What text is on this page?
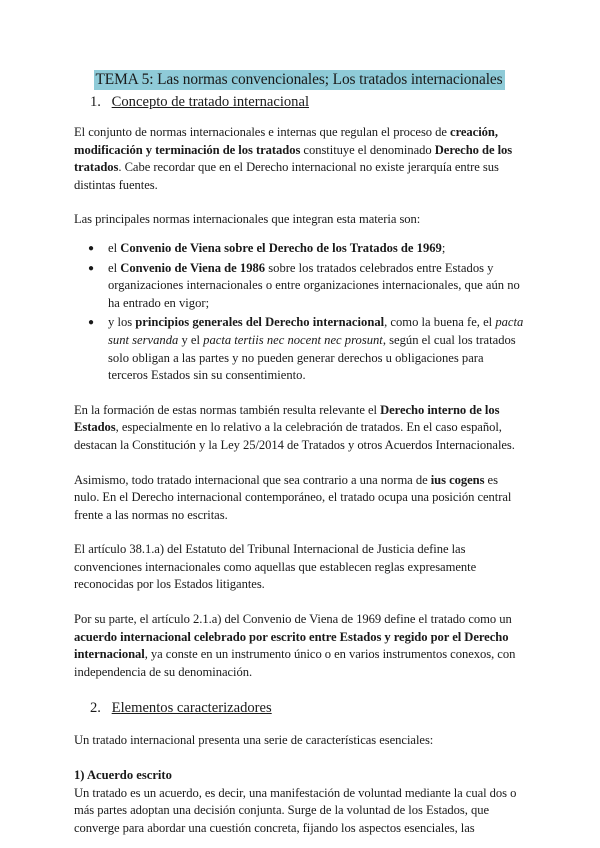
TEMA 5: Las normas convencionales; Los tratados internacionales
1. Concepto de tratado internacional

El conjunto de normas internacionales e internas que regulan el proceso de creación, modificación y terminación de los tratados constituye el denominado Derecho de los tratados. Cabe recordar que en el Derecho internacional no existe jerarquía entre sus distintas fuentes.

Las principales normas internacionales que integran esta materia son:

● el Convenio de Viena sobre el Derecho de los Tratados de 1969;
● el Convenio de Viena de 1986 sobre los tratados celebrados entre Estados y organizaciones internacionales o entre organizaciones internacionales, que aún no ha entrado en vigor;
● y los principios generales del Derecho internacional, como la buena fe, el pacta sunt servanda y el pacta tertiis nec nocent nec prosunt, según el cual los tratados solo obligan a las partes y no pueden generar derechos u obligaciones para terceros Estados sin su consentimiento.

En la formación de estas normas también resulta relevante el Derecho interno de los Estados, especialmente en lo relativo a la celebración de tratados. En el caso español, destacan la Constitución y la Ley 25/2014 de Tratados y otros Acuerdos Internacionales.

Asimismo, todo tratado internacional que sea contrario a una norma de ius cogens es nulo. En el Derecho internacional contemporáneo, el tratado ocupa una posición central frente a las normas no escritas.

El artículo 38.1.a) del Estatuto del Tribunal Internacional de Justicia define las convenciones internacionales como aquellas que establecen reglas expresamente reconocidas por los Estados litigantes.

Por su parte, el artículo 2.1.a) del Convenio de Viena de 1969 define el tratado como un acuerdo internacional celebrado por escrito entre Estados y regido por el Derecho internacional, ya conste en un instrumento único o en varios instrumentos conexos, con independencia de su denominación.

2. Elementos caracterizadores

Un tratado internacional presenta una serie de características esenciales:

1) Acuerdo escrito

Un tratado es un acuerdo, es decir, una manifestación de voluntad mediante la cual dos o más partes adoptan una decisión conjunta. Surge de la voluntad de los Estados, que converge para abordar una cuestión concreta, fijando los aspectos esenciales, las
